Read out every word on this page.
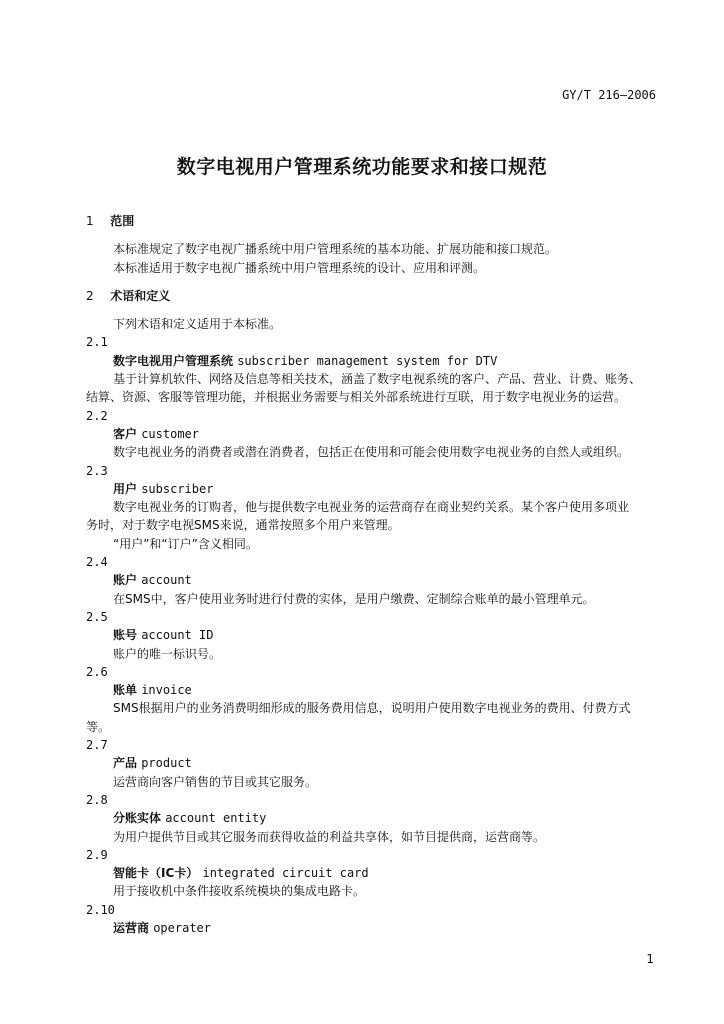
GY/T 216—2006
数字电视用户管理系统功能要求和接口规范
1 范围
本标准规定了数字电视广播系统中用户管理系统的基本功能、扩展功能和接口规范。
本标准适用于数字电视广播系统中用户管理系统的设计、应用和评测。
2 术语和定义
下列术语和定义适用于本标准。
2.1
数字电视用户管理系统 subscriber management system for DTV
基于计算机软件、网络及信息等相关技术，涵盖了数字电视系统的客户、产品、营业、计费、账务、
结算、资源、客服等管理功能，并根据业务需要与相关外部系统进行互联，用于数字电视业务的运营。
2.2
客户 customer
数字电视业务的消费者或潜在消费者，包括正在使用和可能会使用数字电视业务的自然人或组织。
2.3
用户 subscriber
数字电视业务的订购者，他与提供数字电视业务的运营商存在商业契约关系。某个客户使用多项业
务时，对于数字电视SMS来说，通常按照多个用户来管理。
“用户”和“订户”含义相同。
2.4
账户 account
在SMS中，客户使用业务时进行付费的实体，是用户缴费、定制综合账单的最小管理单元。
2.5
账号 account ID
账户的唯一标识号。
2.6
账单 invoice
SMS根据用户的业务消费明细形成的服务费用信息，说明用户使用数字电视业务的费用、付费方式
等。
2.7
产品 product
运营商向客户销售的节目或其它服务。
2.8
分账实体 account entity
为用户提供节目或其它服务而获得收益的利益共享体，如节目提供商，运营商等。
2.9
智能卡（IC卡） integrated circuit card
用于接收机中条件接收系统模块的集成电路卡。
2.10
运营商 operater
1
